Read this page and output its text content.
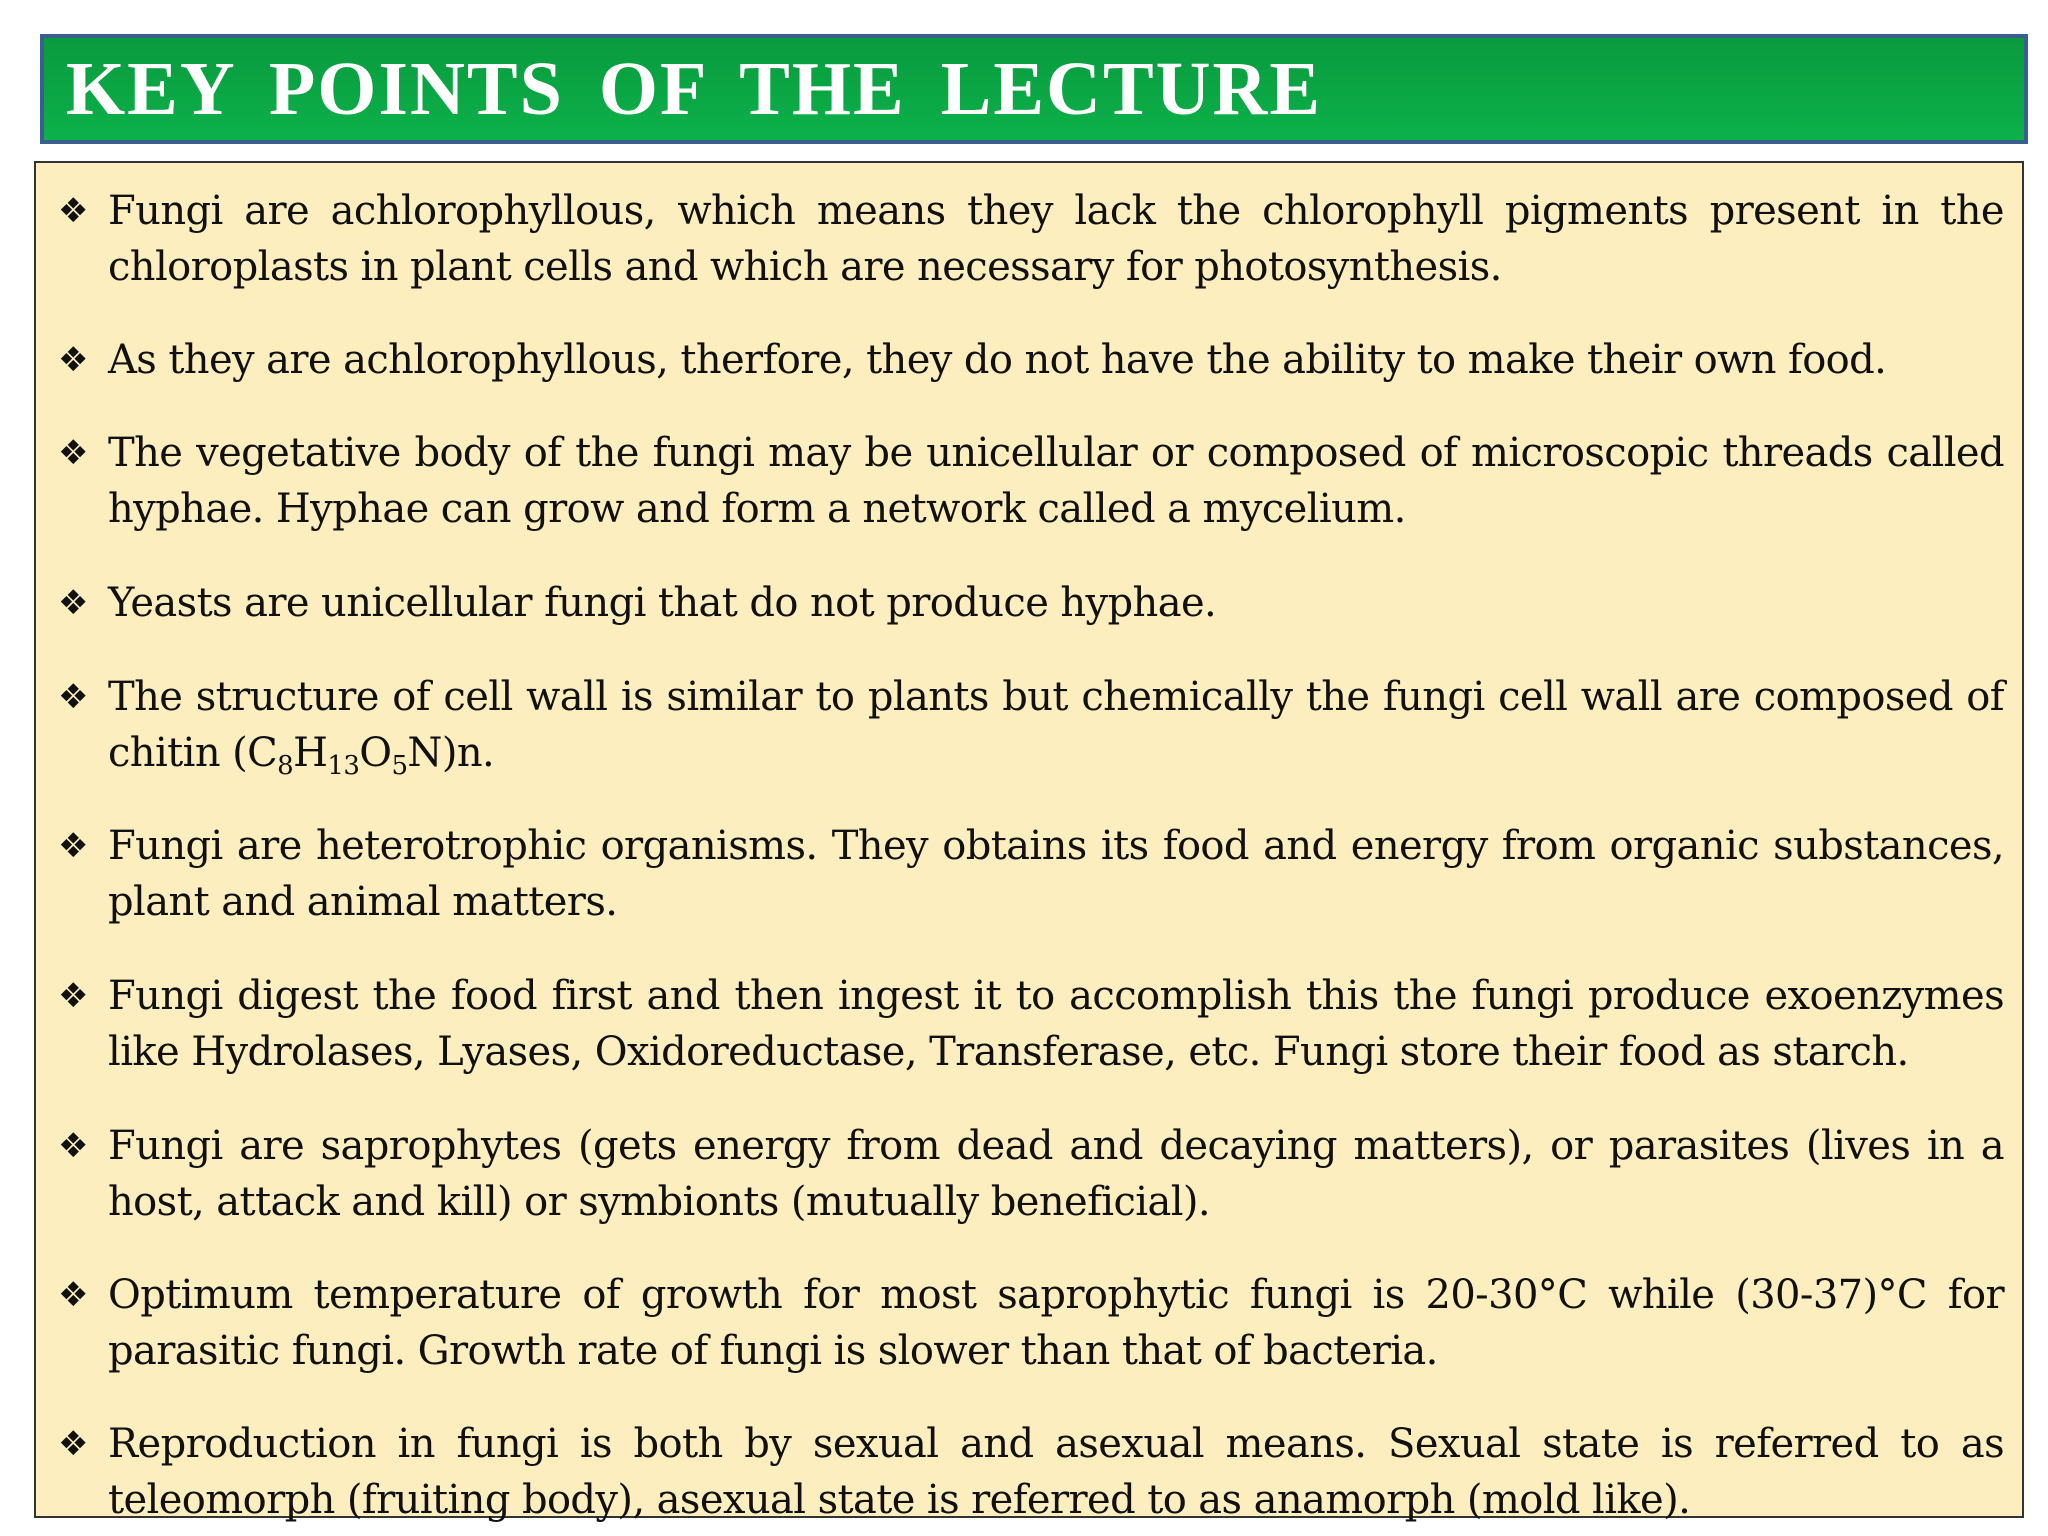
KEY POINTS OF THE LECTURE
❖ Fungi are achlorophyllous, which means they lack the chlorophyll pigments present in the chloroplasts in plant cells and which are necessary for photosynthesis.
❖ As they are achlorophyllous, therfore, they do not have the ability to make their own food.
❖ The vegetative body of the fungi may be unicellular or composed of microscopic threads called hyphae. Hyphae can grow and form a network called a mycelium.
❖ Yeasts are unicellular fungi that do not produce hyphae.
❖ The structure of cell wall is similar to plants but chemically the fungi cell wall are composed of chitin $(C_8H_{13}O_5N)n$.
❖ Fungi are heterotrophic organisms. They obtains its food and energy from organic substances, plant and animal matters.
❖ Fungi digest the food first and then ingest it to accomplish this the fungi produce exoenzymes like Hydrolases, Lyases, Oxidoreductase, Transferase, etc. Fungi store their food as starch.
❖ Fungi are saprophytes (gets energy from dead and decaying matters), or parasites (lives in a host, attack and kill) or symbionts (mutually beneficial).
❖ Optimum temperature of growth for most saprophytic fungi is 20-30°C while (30-37)°C for parasitic fungi. Growth rate of fungi is slower than that of bacteria.
❖ Reproduction in fungi is both by sexual and asexual means. Sexual state is referred to as teleomorph (fruiting body), asexual state is referred to as anamorph (mold like).
